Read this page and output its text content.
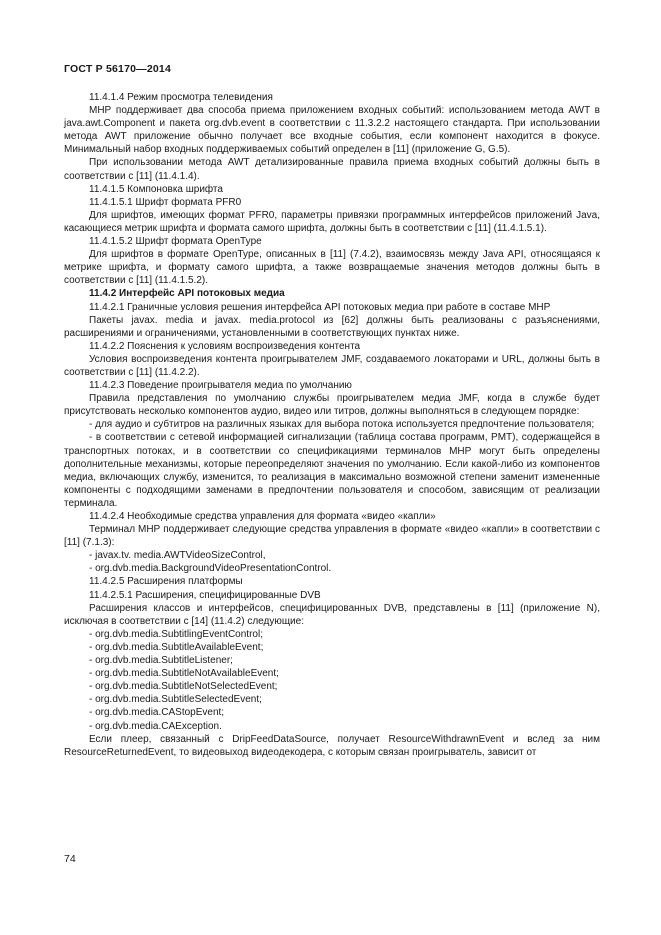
ГОСТ Р 56170—2014

11.4.1.4 Режим просмотра телевидения

МНР поддерживает два способа приема приложением входных событий: использованием метода AWT в java.awt.Component и пакета org.dvb.event в соответствии с 11.3.2.2 настоящего стандарта. При использовании метода AWT приложение обычно получает все входные события, если компонент находится в фокусе. Минимальный набор входных поддерживаемых событий определен в [11] (приложение G, G.5).

При использовании метода AWT детализированные правила приема входных событий должны быть в соответствии с [11] (11.4.1.4).

11.4.1.5 Компоновка шрифта

11.4.1.5.1 Шрифт формата PFR0

Для шрифтов, имеющих формат PFR0, параметры привязки программных интерфейсов приложений Java, касающиеся метрик шрифта и формата самого шрифта, должны быть в соответствии с [11] (11.4.1.5.1).

11.4.1.5.2 Шрифт формата OpenType

Для шрифтов в формате OpenType, описанных в [11] (7.4.2), взаимосвязь между Java API, относящаяся к метрике шрифта, и формату самого шрифта, а также возвращаемые значения методов должны быть в соответствии с [11] (11.4.1.5.2).

11.4.2 Интерфейс API потоковых медиа

11.4.2.1 Граничные условия решения интерфейса API потоковых медиа при работе в составе МНР

Пакеты javax. media и javax. media.protocol из [62] должны быть реализованы с разъяснениями, расширениями и ограничениями, установленными в соответствующих пунктах ниже.

11.4.2.2 Пояснения к условиям воспроизведения контента

Условия воспроизведения контента проигрывателем JMF, создаваемого локаторами и URL, должны быть в соответствии с [11] (11.4.2.2).

11.4.2.3 Поведение проигрывателя медиа по умолчанию

Правила представления по умолчанию службы проигрывателем медиа JMF, когда в службе будет присутствовать несколько компонентов аудио, видео или титров, должны выполняться в следующем порядке:

- для аудио и субтитров на различных языках для выбора потока используется предпочтение пользователя;

- в соответствии с сетевой информацией сигнализации (таблица состава программ, PMT), содержащейся в транспортных потоках, и в соответствии со спецификациями терминалов МНР могут быть определены дополнительные механизмы, которые переопределяют значения по умолчанию. Если какой-либо из компонентов медиа, включающих службу, изменится, то реализация в максимально возможной степени заменит измененные компоненты с подходящими заменами в предпочтении пользователя и способом, зависящим от реализации терминала.

11.4.2.4 Необходимые средства управления для формата «видео «капли»

Терминал МНР поддерживает следующие средства управления в формате «видео «капли» в соответствии с [11] (7.1.3):

- javax.tv. media.AWTVideoSizeControl,

- org.dvb.media.BackgroundVideoPresentationControl.

11.4.2.5 Расширения платформы

11.4.2.5.1 Расширения, специфицированные DVB

Расширения классов и интерфейсов, специфицированных DVB, представлены в [11] (приложение N), исключая в соответствии с [14] (11.4.2) следующие:

- org.dvb.media.SubtitlingEventControl;

- org.dvb.media.SubtitleAvailableEvent;

- org.dvb.media.SubtitleListener;

- org.dvb.media.SubtitleNotAvailableEvent;

- org.dvb.media.SubtitleNotSelectedEvent;

- org.dvb.media.SubtitleSelectedEvent;

- org.dvb.media.CAStopEvent;

- org.dvb.media.CAException.

Если плеер, связанный с DripFeedDataSource, получает ResourceWithdrawnEvent и вслед за ним ResourceReturnedEvent, то видеовыход видеодекодера, с которым связан проигрыватель, зависит от

74
